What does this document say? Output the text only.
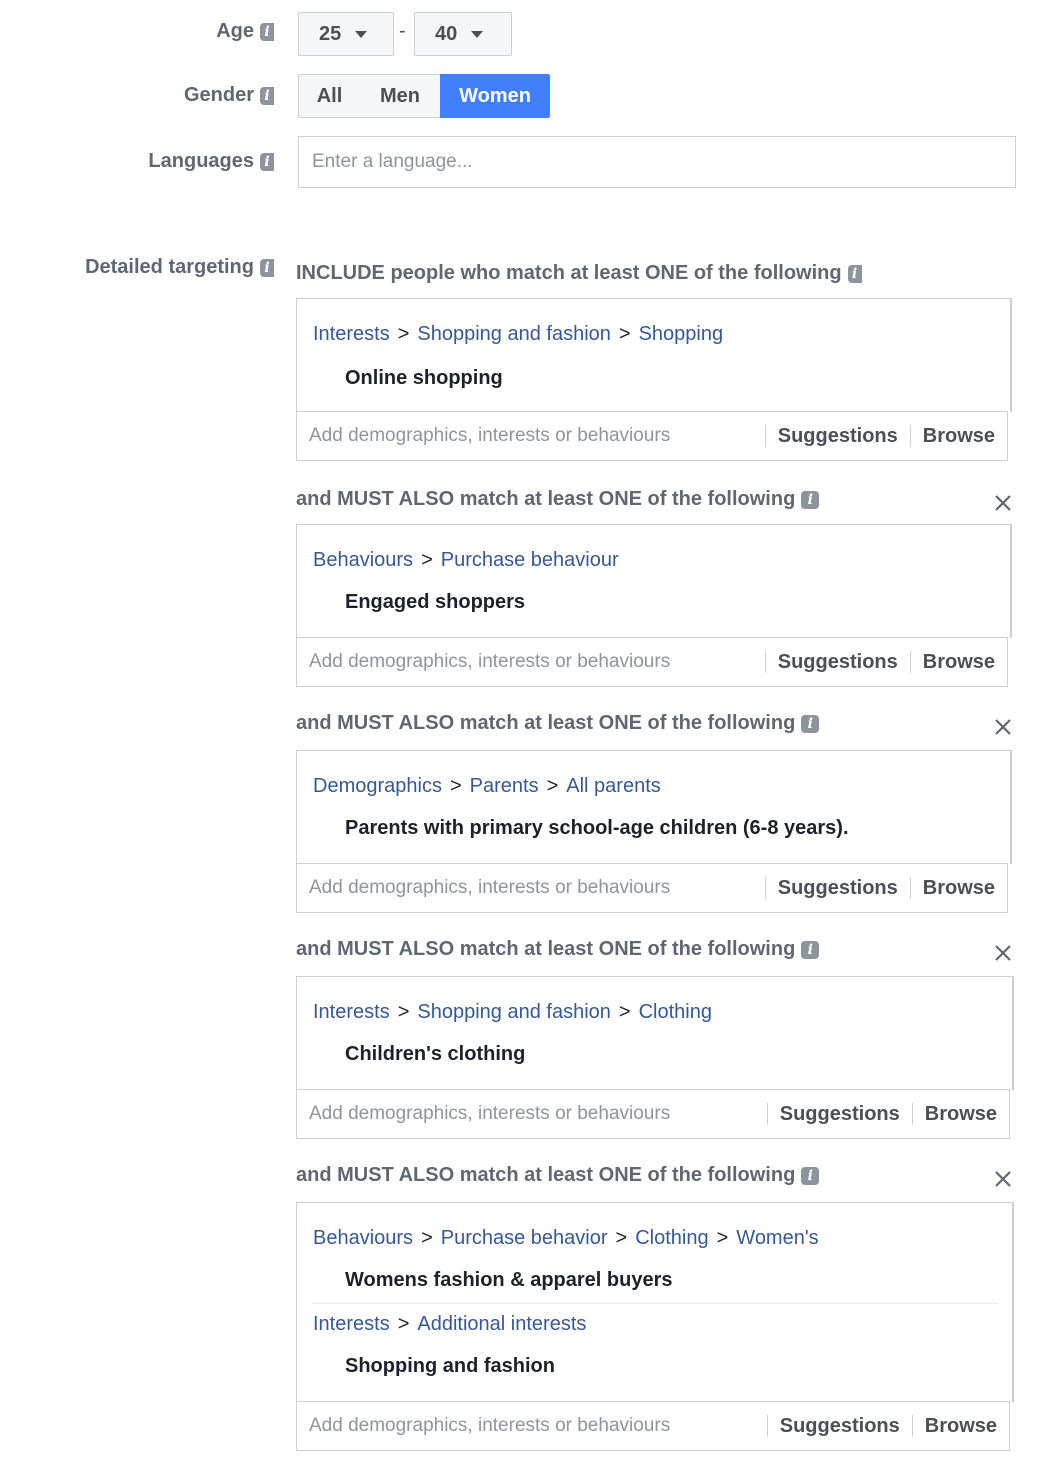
Age i 25	- 40
Gender i	All	Men	Women
Languages i Enter a language...
Detailed targeting i INCLUDE people who match at least ONE of the following i
Interests > Shopping and fashion > Shopping
Online shopping
Add demographics, interests or behaviours	Suggestions	Browse
and MUST ALSO match at least ONE of the following i
Behaviours > Purchase behaviour
Engaged shoppers
Add demographics, interests or behaviours	Suggestions	Browse
and MUST ALSO match at least ONE of the following i
Demographics > Parents > All parents
Parents with primary school-age children (6-8 years).
Add demographics, interests or behaviours	Suggestions	Browse
and MUST ALSO match at least ONE of the following i
Interests > Shopping and fashion > Clothing
Children's clothing
Add demographics, interests or behaviours	Suggestions	Browse
and MUST ALSO match at least ONE of the following i
Behaviours > Purchase behavior > Clothing > Women's
Womens fashion & apparel buyers
Interests > Additional interests
Shopping and fashion
Add demographics, interests or behaviours	Suggestions	Browse
